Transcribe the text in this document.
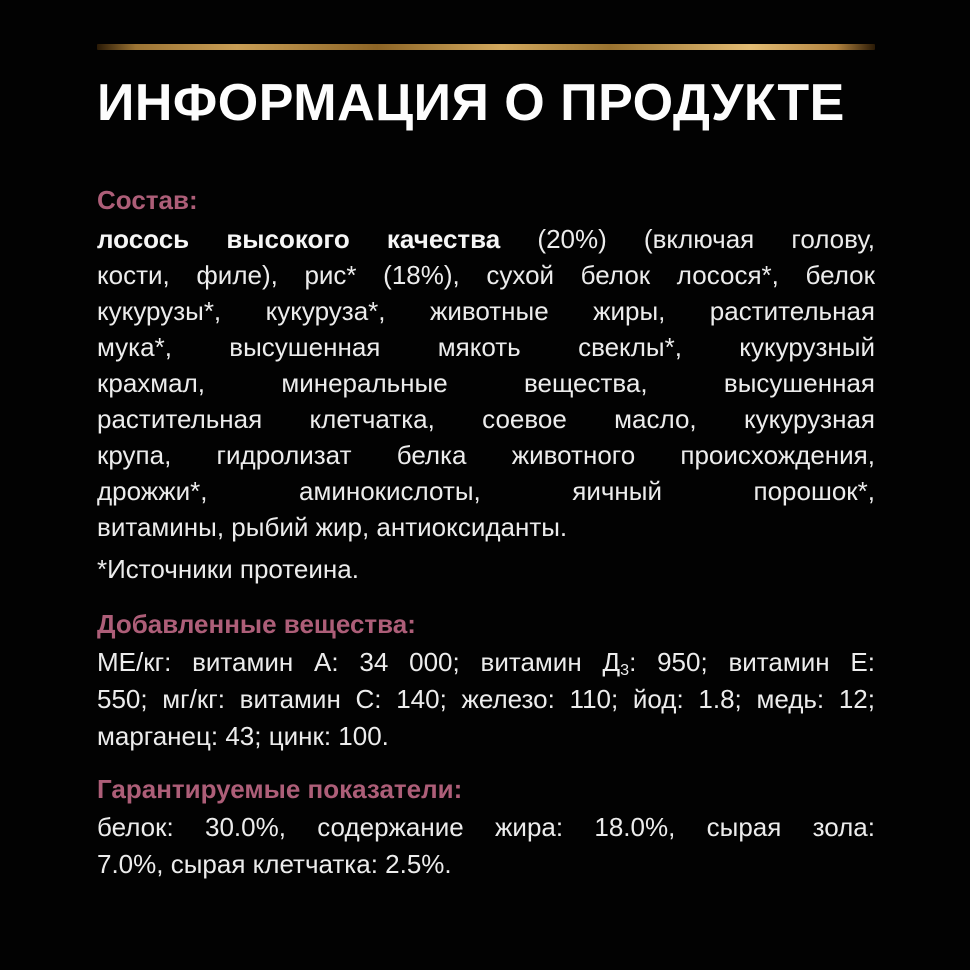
ИНФОРМАЦИЯ О ПРОДУКТЕ
Состав:
лосось высокого качества (20%) (включая голову,
кости, филе), рис* (18%), сухой белок лосося*, белок
кукурузы*, кукуруза*, животные жиры, растительная
мука*, высушенная мякоть свеклы*, кукурузный
крахмал, минеральные вещества, высушенная
растительная клетчатка, соевое масло, кукурузная
крупа, гидролизат белка животного происхождения,
дрожжи*, аминокислоты, яичный порошок*,
витамины, рыбий жир, антиоксиданты.

*Источники протеина.

Добавленные вещества:
МЕ/кг: витамин А: 34 000; витамин $Д_3$: 950; витамин Е:
550; мг/кг: витамин С: 140; железо: 110; йод: 1.8; медь: 12;
марганец: 43; цинк: 100.
Гарантируемые показатели:
белок: 30.0%, содержание жира: 18.0%, сырая зола:
7.0%, сырая клетчатка: 2.5%.
